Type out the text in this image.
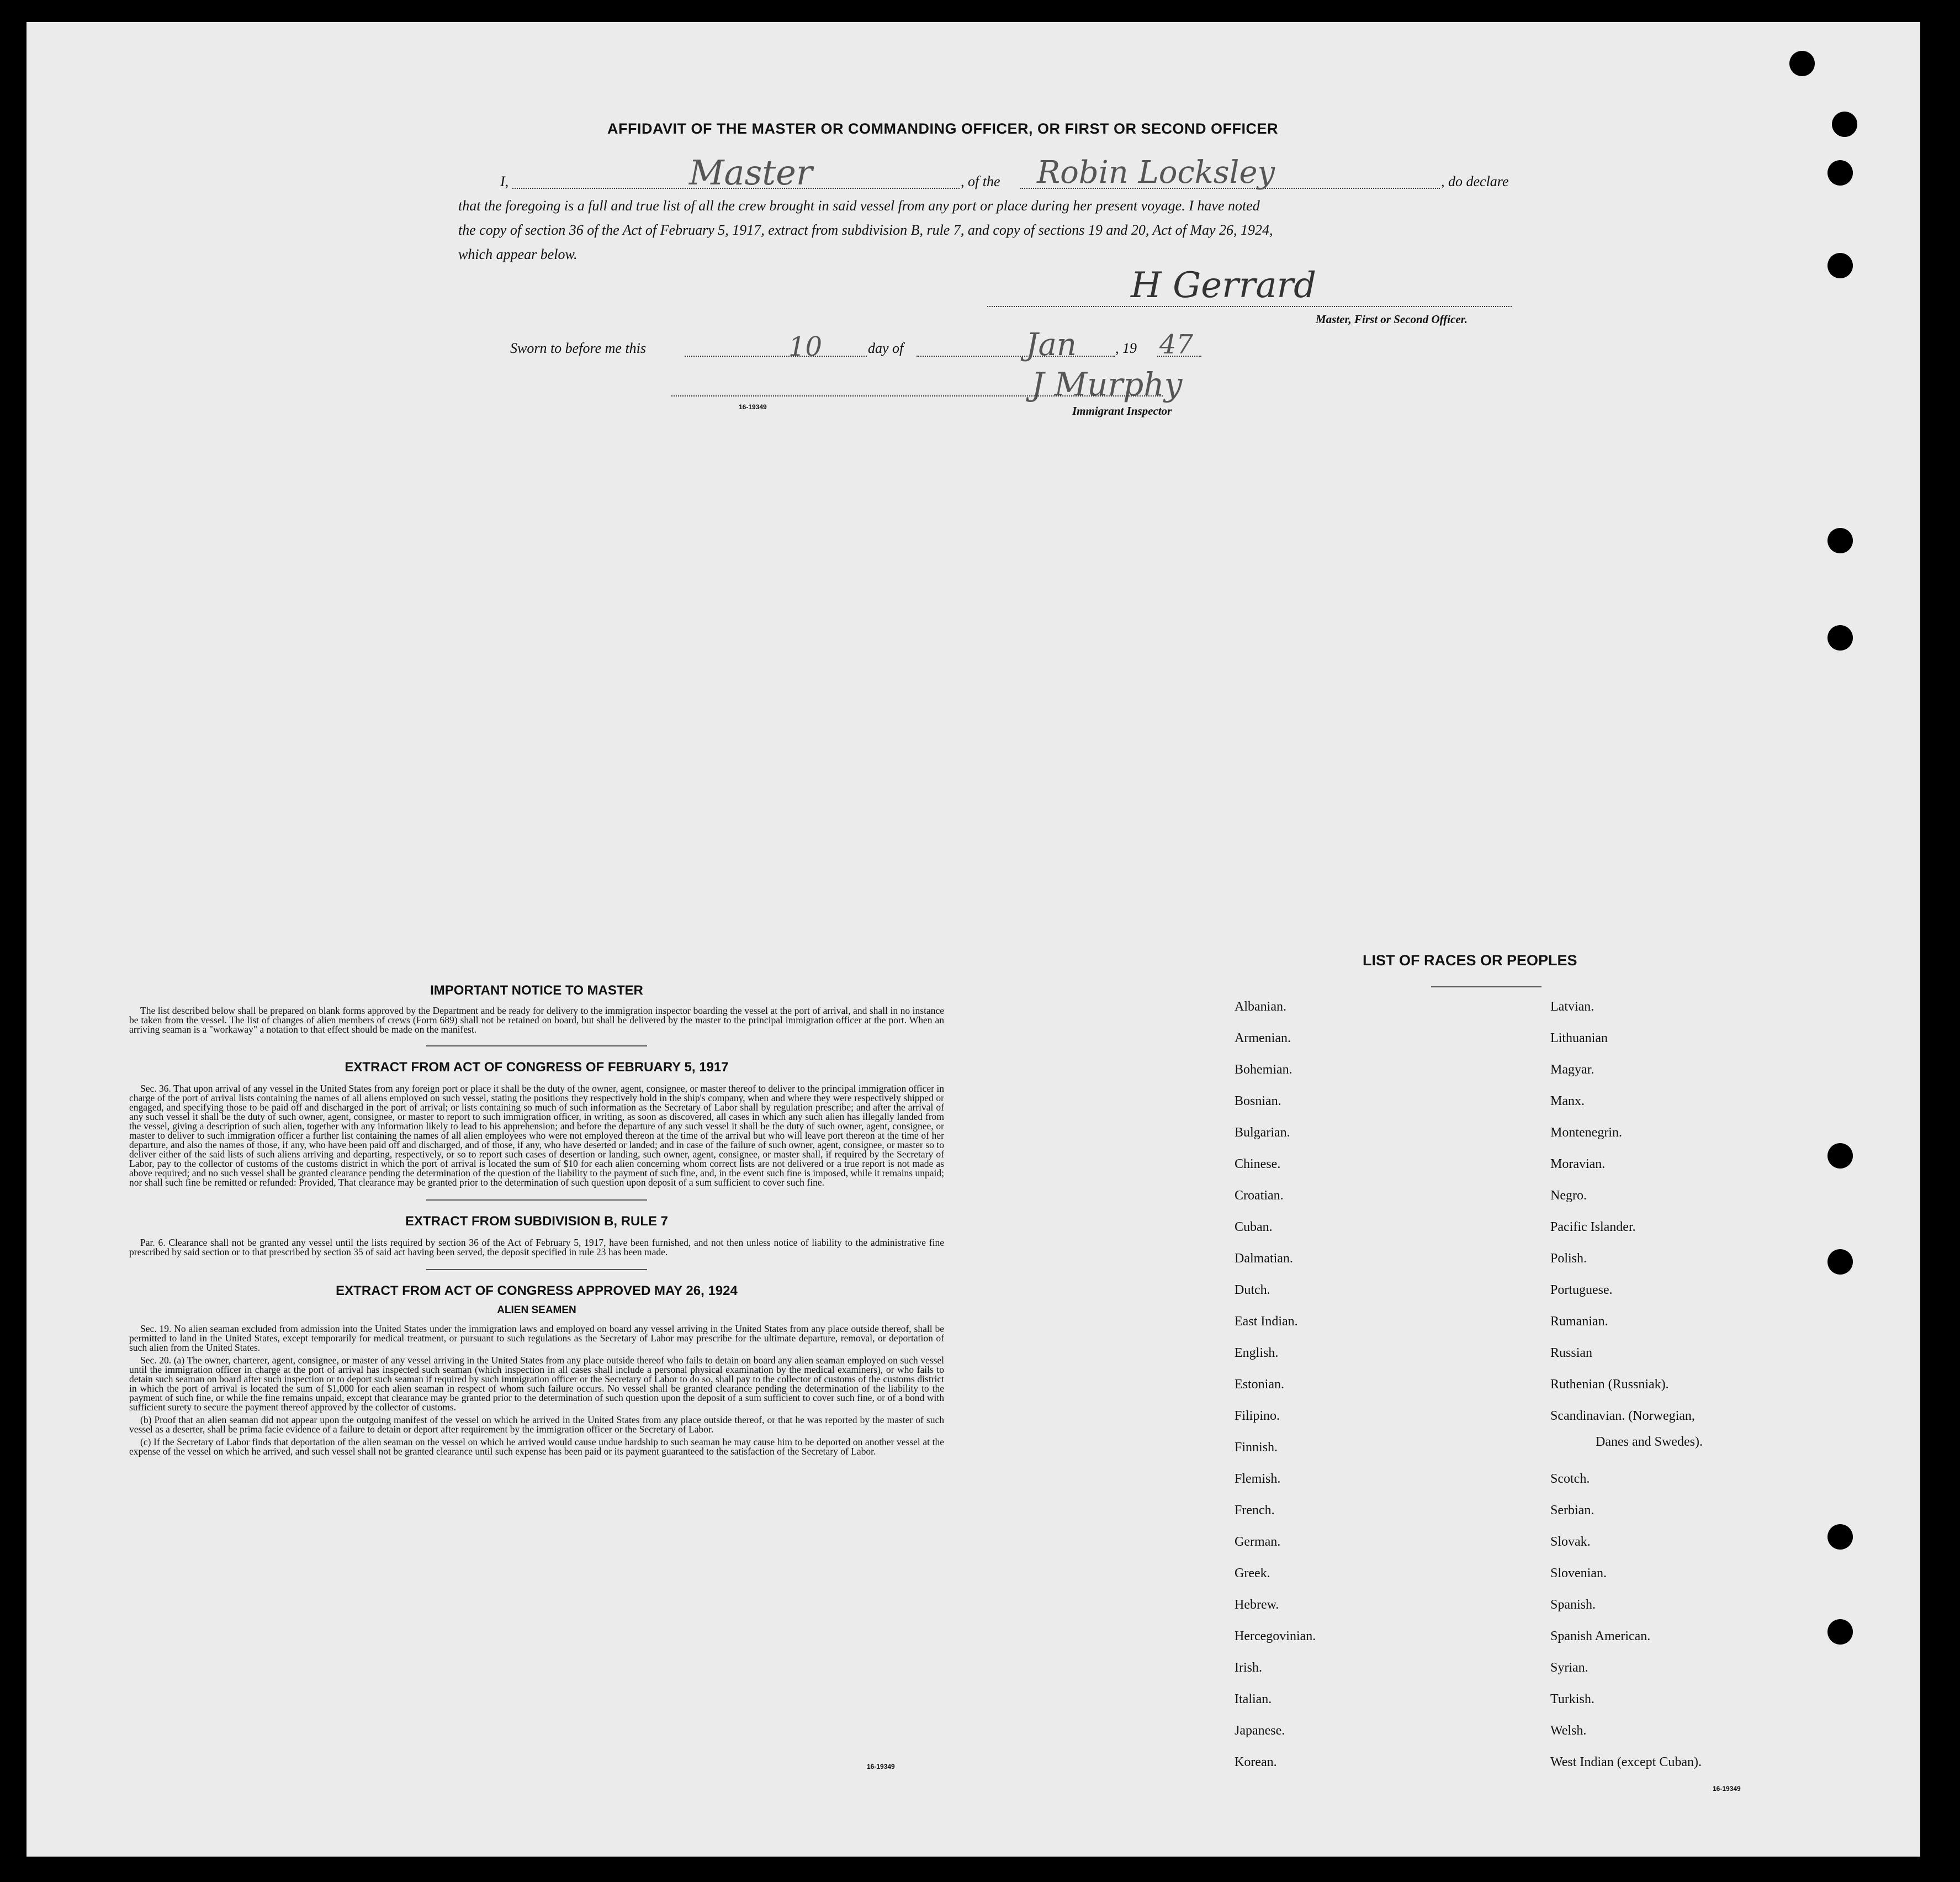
AFFIDAVIT OF THE MASTER OR COMMANDING OFFICER, OR FIRST OR SECOND OFFICER
I,	Master	, of the Robin Locksley	, do declare
that the foregoing is a full and true list of all the crew brought in said vessel from any port or place during her present voyage. I have noted
the copy of section 36 of the Act of February 5, 1917, extract from subdivision B, rule 7, and copy of sections 19 and 20, Act of May 26, 1924,
which appear below.
H Gerrard
Master, First or Second Officer.
Sworn to before me this	10	day of	Jan	, 19 47
J Murphy
16-19349	Immigrant Inspector
IMPORTANT NOTICE TO MASTER
The list described below shall be prepared on blank forms approved by the Department and be ready for delivery to the immigration inspector boarding the vessel at the port of arrival, and shall in no instance be taken from the vessel. The list of changes of alien members of crews (Form 689) shall not be retained on board, but shall be delivered by the master to the principal immigration officer at the port. When an arriving seaman is a "workaway" a notation to that effect should be made on the manifest.
EXTRACT FROM ACT OF CONGRESS OF FEBRUARY 5, 1917
Sec. 36. That upon arrival of any vessel in the United States from any foreign port or place it shall be the duty of the owner, agent, consignee, or master thereof to deliver to the principal immigration officer in charge of the port of arrival lists containing the names of all aliens employed on such vessel, stating the positions they respectively hold in the ship's company, when and where they were respectively shipped or engaged, and specifying those to be paid off and discharged in the port of arrival; or lists containing so much of such information as the Secretary of Labor shall by regulation prescribe; and after the arrival of any such vessel it shall be the duty of such owner, agent, consignee, or master to report to such immigration officer, in writing, as soon as discovered, all cases in which any such alien has illegally landed from the vessel, giving a description of such alien, together with any information likely to lead to his apprehension; and before the departure of any such vessel it shall be the duty of such owner, agent, consignee, or master to deliver to such immigration officer a further list containing the names of all alien employees who were not employed thereon at the time of the arrival but who will leave port thereon at the time of her departure, and also the names of those, if any, who have been paid off and discharged, and of those, if any, who have deserted or landed; and in case of the failure of such owner, agent, consignee, or master so to deliver either of the said lists of such aliens arriving and departing, respectively, or so to report such cases of desertion or landing, such owner, agent, consignee, or master shall, if required by the Secretary of Labor, pay to the collector of customs of the customs district in which the port of arrival is located the sum of $10 for each alien concerning whom correct lists are not delivered or a true report is not made as above required; and no such vessel shall be granted clearance pending the determination of the question of the liability to the payment of such fine, and, in the event such fine is imposed, while it remains unpaid; nor shall such fine be remitted or refunded: Provided, That clearance may be granted prior to the determination of such question upon deposit of a sum sufficient to cover such fine.
EXTRACT FROM SUBDIVISION B, RULE 7
Par. 6. Clearance shall not be granted any vessel until the lists required by section 36 of the Act of February 5, 1917, have been furnished, and not then unless notice of liability to the administrative fine prescribed by said section or to that prescribed by section 35 of said act having been served, the deposit specified in rule 23 has been made.
EXTRACT FROM ACT OF CONGRESS APPROVED MAY 26, 1924
ALIEN SEAMEN
Sec. 19. No alien seaman excluded from admission into the United States under the immigration laws and employed on board any vessel arriving in the United States from any place outside thereof, shall be permitted to land in the United States, except temporarily for medical treatment, or pursuant to such regulations as the Secretary of Labor may prescribe for the ultimate departure, removal, or deportation of such alien from the United States.
Sec. 20. (a) The owner, charterer, agent, consignee, or master of any vessel arriving in the United States from any place outside thereof who fails to detain on board any alien seaman employed on such vessel until the immigration officer in charge at the port of arrival has inspected such seaman (which inspection in all cases shall include a personal physical examination by the medical examiners), or who fails to detain such seaman on board after such inspection or to deport such seaman if required by such immigration officer or the Secretary of Labor to do so, shall pay to the collector of customs of the customs district in which the port of arrival is located the sum of $1,000 for each alien seaman in respect of whom such failure occurs. No vessel shall be granted clearance pending the determination of the liability to the payment of such fine, or while the fine remains unpaid, except that clearance may be granted prior to the determination of such question upon the deposit of a sum sufficient to cover such fine, or of a bond with sufficient surety to secure the payment thereof approved by the collector of customs.
(b) Proof that an alien seaman did not appear upon the outgoing manifest of the vessel on which he arrived in the United States from any place outside thereof, or that he was reported by the master of such vessel as a deserter, shall be prima facie evidence of a failure to detain or deport after requirement by the immigration officer or the Secretary of Labor.
(c) If the Secretary of Labor finds that deportation of the alien seaman on the vessel on which he arrived would cause undue hardship to such seaman he may cause him to be deported on another vessel at the expense of the vessel on which he arrived, and such vessel shall not be granted clearance until such expense has been paid or its payment guaranteed to the satisfaction of the Secretary of Labor.
16-19349
LIST OF RACES OR PEOPLES
Albanian.
Armenian.
Bohemian.
Bosnian.
Bulgarian.
Chinese.
Croatian.
Cuban.
Dalmatian.
Dutch.
East Indian.
English.
Estonian.
Filipino.
Finnish.
Flemish.
French.
German.
Greek.
Hebrew.
Hercegovinian.
Irish.
Italian.
Japanese.
Korean.
Latvian.
Lithuanian
Magyar.
Manx.
Montenegrin.
Moravian.
Negro.
Pacific Islander.
Polish.
Portuguese.
Rumanian.
Russian
Ruthenian (Russniak).
Scandinavian. (Norwegian,
Scotch.
Serbian.
Slovak.
Slovenian.
Spanish.
Spanish American.
Syrian.
Turkish.
Welsh.
West Indian (except Cuban).
Danes and Swedes).
16-19349
